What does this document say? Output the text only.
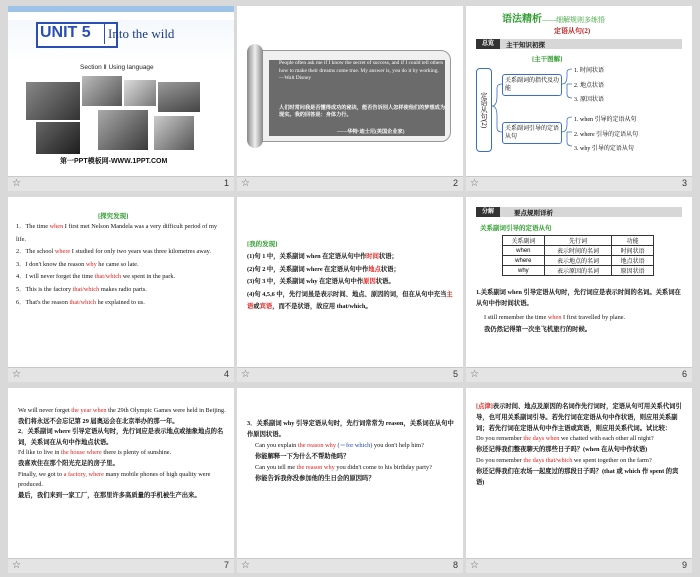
UNIT 5 Into the wild
Section Ⅱ Using language
第一PPT模板网-WWW.1PPT.COM
☆	1
People often ask me if I know the secret of success, and if I could tell others how to make their dreams come true. My answer is, you do it by working. —Walt Disney
人们时常问我是否懂得成功的秘诀，能否告诉别人怎样使他们的梦想成为现实。我的回答是：身体力行。
——华特·迪士尼(美国企业家)
☆	2
语法精析——细解规则多练悟
定语从句(2)
总览	主干知识初探
[主干图解]
定语从句(2)
关系副词的指代及功能
关系副词引导的定语从句
1. 时间状语
2. 地点状语
3. 原因状语
1. when 引导的定语从句
2. where 引导的定语从句
3. why 引导的定语从句
☆	3
[探究发现]
1．The time when I first met Nelson Mandela was a very difficult period of my life.
2．The school where I studied for only two years was three kilometres away.
3．I don't know the reason why he came so late.
4．I will never forget the time that/which we spent in the park.
5．This is the factory that/which makes radio parts.
6．That's the reason that/which he explained to us.
☆	4
[我的发现]
(1)句 1 中，关系副词 when 在定语从句中作时间状语；
(2)句 2 中，关系副词 where 在定语从句中作地点状语；
(3)句 3 中，关系副词 why 在定语从句中作原因状语。
(4)句 4,5,6 中，先行词虽是表示时间、地点、原因的词，但在从句中充当主语或宾语，而不是状语，故应用 that/which。
☆	5
分解	要点规则详析
关系副词引导的定语从句
关系副词	先行词	功能
when	表示时间的名词	时间状语
where	表示地点的名词	地点状语
why	表示原因的名词	原因状语
1.关系副词 when 引导定语从句时，先行词应是表示时间的名词。关系词在从句中作时间状语。
I still remember the time when I first travelled by plane.
我仍然记得第一次坐飞机旅行的时候。
☆	6
We will never forget the year when the 29th Olympic Games were held in Beijing.
我们将永远不会忘记第 29 届奥运会在北京举办的那一年。
2．关系副词 where 引导定语从句时，先行词应是表示地点或抽象地点的名词，关系词在从句中作地点状语。
I'd like to live in the house where there is plenty of sunshine.
我喜欢住在那个阳光充足的房子里。
Finally, we got to a factory, where many mobile phones of high quality were produced.
最后，我们来到一家工厂，在那里许多高质量的手机被生产出来。
☆	7
3．关系副词 why 引导定语从句时，先行词常常为 reason，关系词在从句中作原因状语。
Can you explain the reason why (＝for which) you don't help him?
你能解释一下为什么不帮助他吗？
Can you tell me the reason why you didn't come to his birthday party?
你能告诉我你没参加他的生日会的原因吗？
☆	8
[点津]表示时间、地点及原因的名词作先行词时，定语从句可用关系代词引导，也可用关系副词引导。若先行词在定语从句中作状语，则应用关系副词；若先行词在定语从句中作主语或宾语，则应用关系代词。试比较：
Do you remember the days when we chatted with each other all night?
你还记得我们整夜聊天的那些日子吗？(when 在从句中作状语)
Do you remember the days that/which we spent together on the farm?
你还记得我们在农场一起度过的那段日子吗？(that 或 which 作 spent 的宾语)
☆	9
